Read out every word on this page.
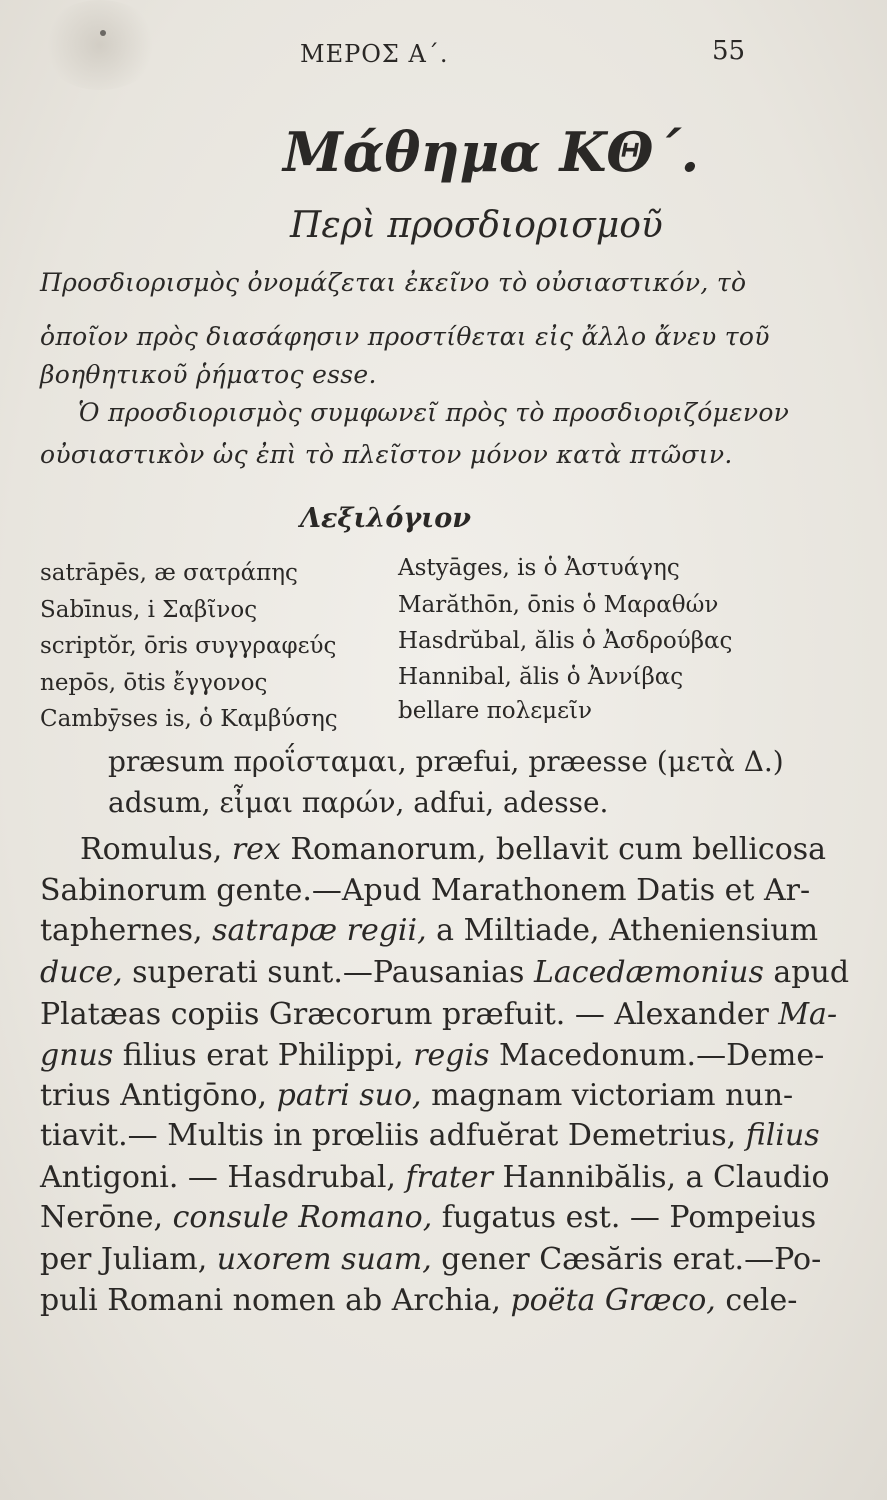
ΜΕΡΟΣ Α΄.	55
Μάθημα ΚΘ΄.
Περὶ προσδιορισμοῦ
Προσδιορισμὸς ὀνομάζεται ἐκεῖνο τὸ οὐσιαστικόν, τὸ
ὁποῖον πρὸς διασάφησιν προστίθεται εἰς ἄλλο ἄνευ τοῦ
βοηθητικοῦ ῥήματος esse.
Ὁ προσδιορισμὸς συμφωνεῖ πρὸς τὸ προσδιοριζόμενον
οὐσιαστικὸν ὡς ἐπὶ τὸ πλεῖστον μόνον κατὰ πτῶσιν.
Λεξιλόγιον
satrāpēs, æ σατράπης
Sabīnus, i Σαβῖνος
scriptŏr, ōris συγγραφεύς
nepōs, ōtis ἔγγονος
Cambȳses is, ὁ Καμβύσης
Astyāges, is ὁ Ἀστυάγης
Marăthōn, ōnis ὁ Μαραθών
Hasdrŭbal, ălis ὁ Ἀσδρούβας
Hannibal, ălis ὁ Ἀννίβας
bellare πολεμεῖν
præsum προΐσταμαι, præfui, præesse (μετὰ Δ.)
adsum, εἶμαι παρών, adfui, adesse.
Romulus, rex Romanorum, bellavit cum bellicosa
Sabinorum gente.—Apud Marathonem Datis et Ar-
taphernes, satrapæ regii, a Miltiade, Atheniensium
duce, superati sunt.—Pausanias Lacedæmonius apud
Platæas copiis Græcorum præfuit. — Alexander Ma-
gnus filius erat Philippi, regis Macedonum.—Deme-
trius Antigōno, patri suo, magnam victoriam nun-
tiavit.— Multis in prœliis adfuĕrat Demetrius, filius
Antigoni. — Hasdrubal, frater Hannibălis, a Claudio
Nerōne, consule Romano, fugatus est. — Pompeius
per Juliam, uxorem suam, gener Cæsăris erat.—Po-
puli Romani nomen ab Archia, poëta Græco, cele-
